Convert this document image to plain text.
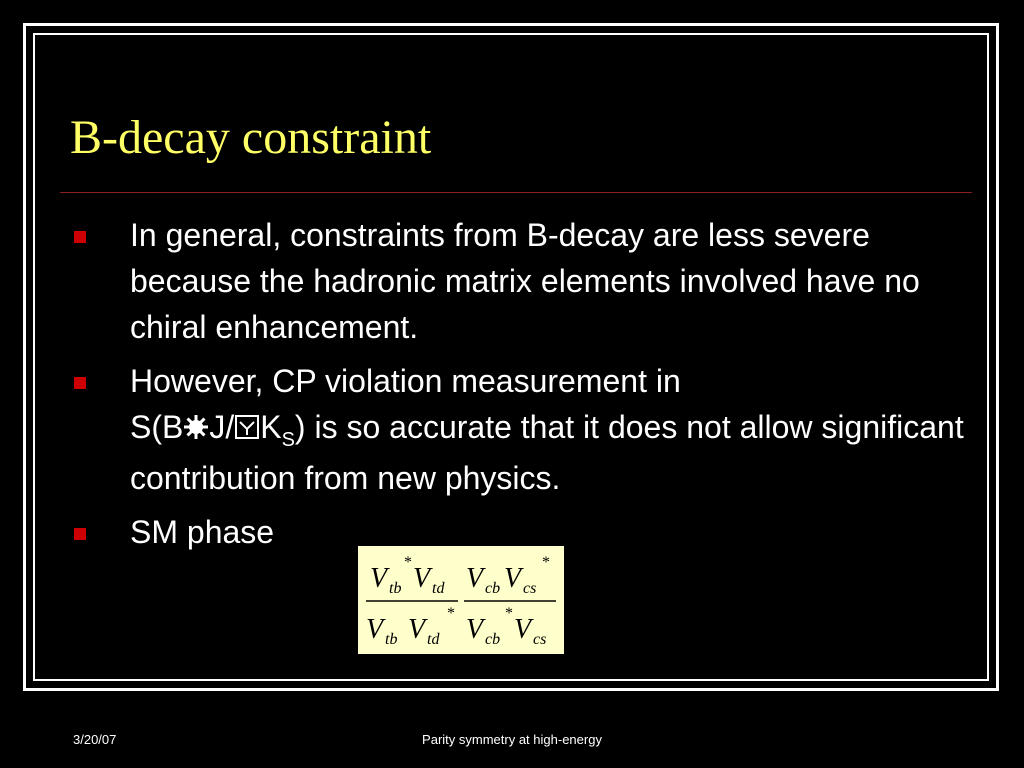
B-decay constraint
In general, constraints from B-decay are less severe because the hadronic matrix elements involved have no chiral enhancement.
However, CP violation measurement in
S(B J/ $K_S$) is so accurate that it does not allow significant contribution from new physics.
SM phase
V tb
*
V td V cb V cs
*
V tb V td
*
V cb
*
V cs
3/20/07	Parity symmetry at high-energy
